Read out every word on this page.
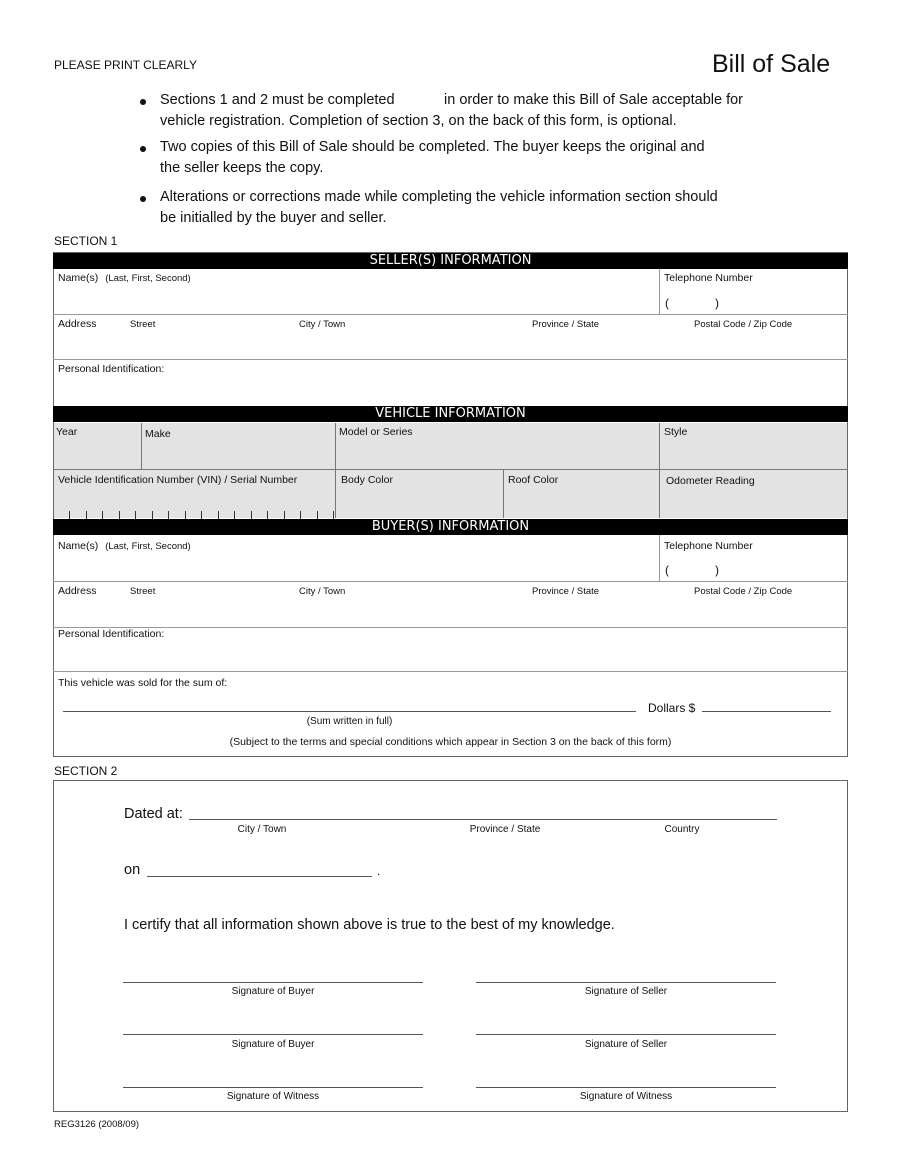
PLEASE PRINT CLEARLY	Bill of Sale
Sections 1 and 2 must be completed	in order to make this Bill of Sale acceptable for
vehicle registration. Completion of section 3, on the back of this form, is optional.
Two copies of this Bill of Sale should be completed. The buyer keeps the original and
the seller keeps the copy.
Alterations or corrections made while completing the vehicle information section should
be initialled by the buyer and seller.
SECTION 1
SELLER(S) INFORMATION
Name(s) (Last, First, Second)	Telephone Number
(	)
Address	Street	City / Town	Province / State	Postal Code / Zip Code
Personal Identification:
VEHICLE INFORMATION
Year	Make	Model or Series	Style
Vehicle Identification Number (VIN) / Serial Number	Body Color	Roof Color	Odometer Reading
BUYER(S) INFORMATION
Name(s) (Last, First, Second)	Telephone Number
(	)
Address	Street	City / Town	Province / State	Postal Code / Zip Code
Personal Identification:
This vehicle was sold for the sum of:
(Sum written in full)
Dollars $
(Subject to the terms and special conditions which appear in Section 3 on the back of this form)
SECTION 2
Dated at:
City / Town	Province / State	Country
on	.
I certify that all information shown above is true to the best of my knowledge.
Signature of Buyer	Signature of Seller
Signature of Buyer	Signature of Seller
Signature of Witness	Signature of Witness
REG3126 (2008/09)
